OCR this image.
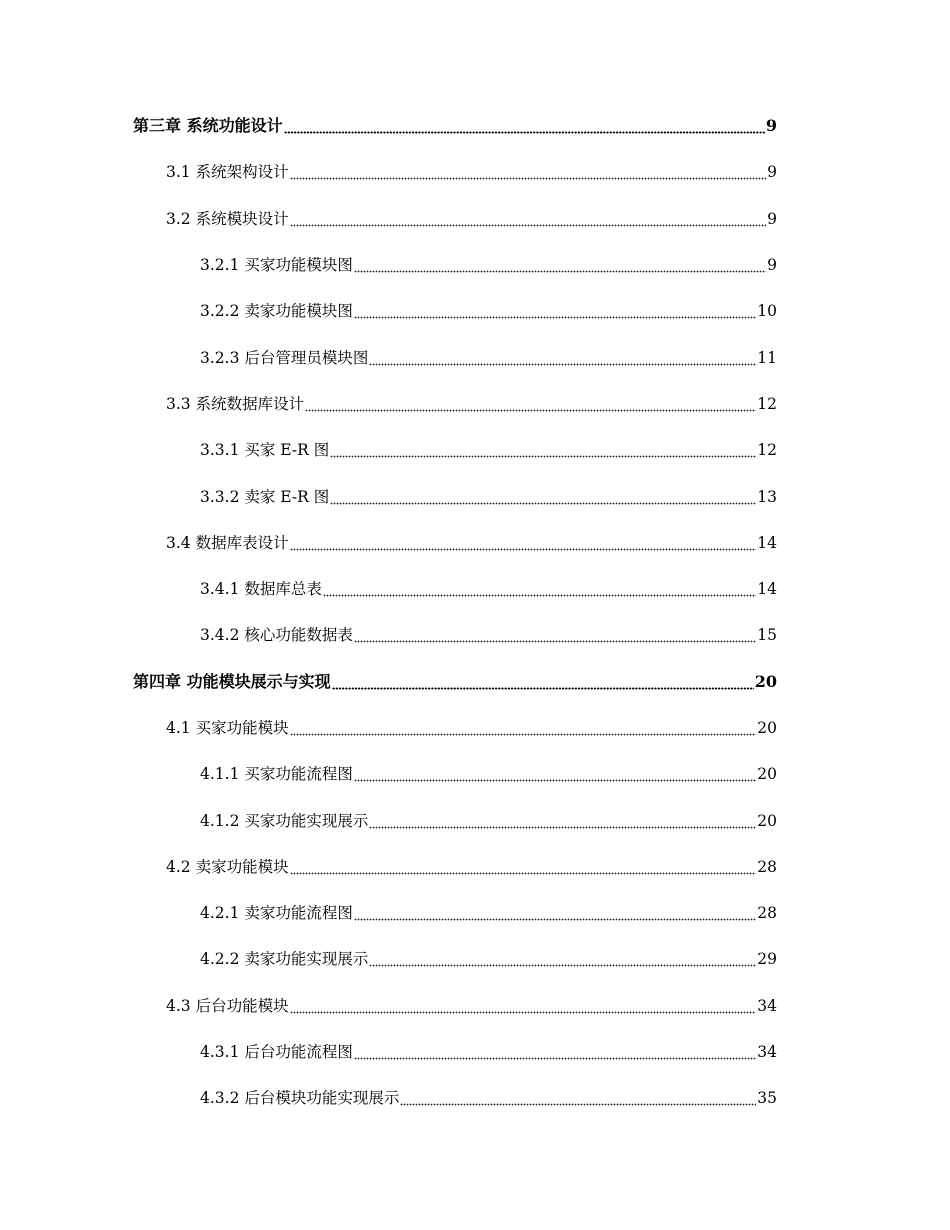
第三章 系统功能设计	9
3.1 系统架构设计	9
3.2 系统模块设计	9
3.2.1 买家功能模块图	9
3.2.2 卖家功能模块图	10
3.2.3 后台管理员模块图	11
3.3 系统数据库设计	12
3.3.1 买家 E-R 图	12
3.3.2 卖家 E-R 图	13
3.4 数据库表设计	14
3.4.1 数据库总表	14
3.4.2 核心功能数据表	15
第四章 功能模块展示与实现	20
4.1 买家功能模块	20
4.1.1 买家功能流程图	20
4.1.2 买家功能实现展示	20
4.2 卖家功能模块	28
4.2.1 卖家功能流程图	28
4.2.2 卖家功能实现展示	29
4.3 后台功能模块	34
4.3.1 后台功能流程图	34
4.3.2 后台模块功能实现展示	35
